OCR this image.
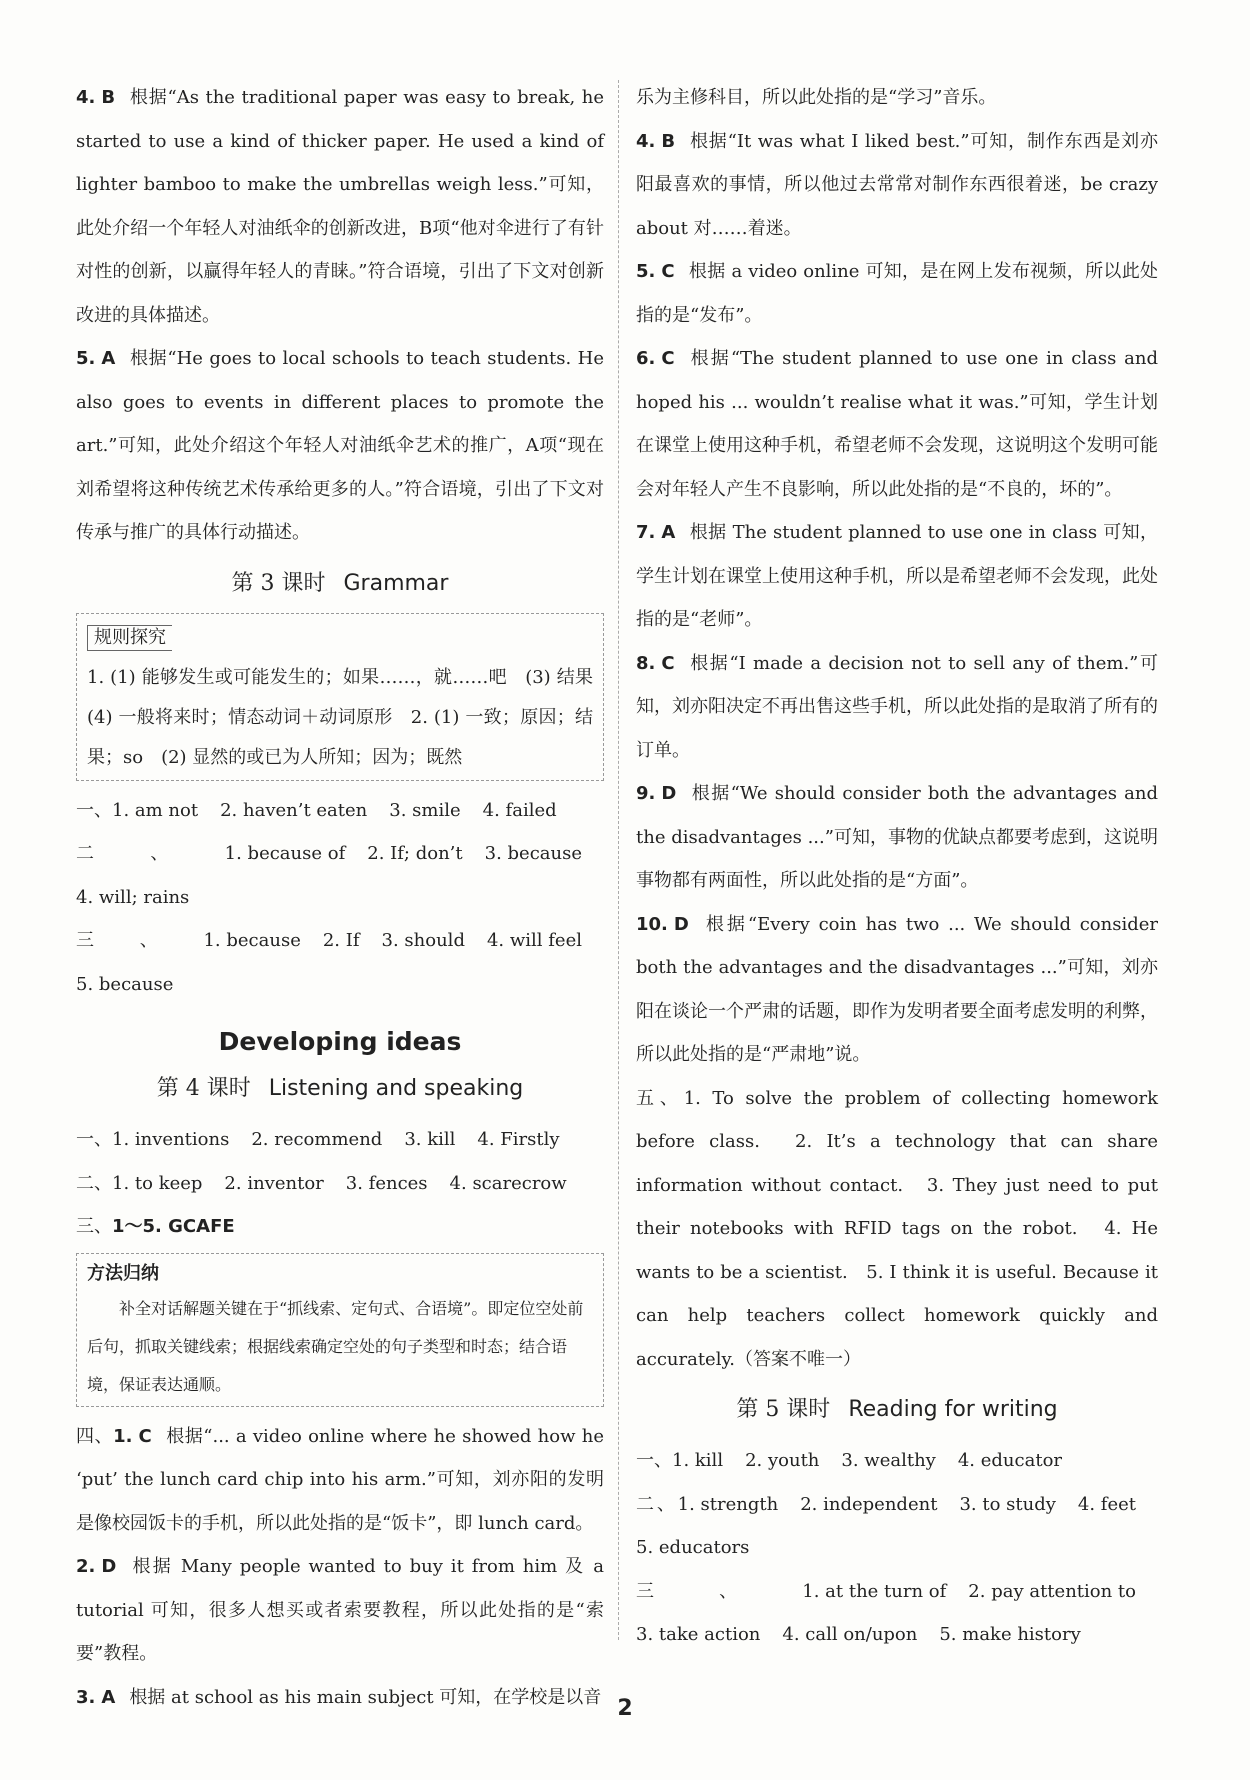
4. B 根据“As the traditional paper was easy to break, he started to use a kind of thicker paper. He used a kind of lighter bamboo to make the umbrellas weigh less.”可知，此处介绍一个年轻人对油纸伞的创新改进，B项“他对伞进行了有针对性的创新，以赢得年轻人的青睐。”符合语境，引出了下文对创新改进的具体描述。

5. A 根据“He goes to local schools to teach students. He also goes to events in different places to promote the art.”可知，此处介绍这个年轻人对油纸伞艺术的推广，A项“现在刘希望将这种传统艺术传承给更多的人。”符合语境，引出了下文对传承与推广的具体行动描述。

第 3 课时 Grammar
规则探究

1. (1) 能够发生或可能发生的；如果……，就……吧　(3) 结果　(4) 一般将来时；情态动词＋动词原形　2. (1) 一致；原因；结果；so　(2) 显然的或已为人所知；因为；既然

一、1. am not 2. haven’t eaten 3. smile 4. failed

二、1. because of 2. If; don’t 3. because4. will; rains

三、1. because 2. If 3. should 4. will feel5. because

Developing ideas
第 4 课时 Listening and speaking

一、1. inventions 2. recommend 3. kill 4. Firstly

二、1. to keep 2. inventor 3. fences 4. scarecrow

三、1～5. GCAFE

方法归纳

补全对话解题关键在于“抓线索、定句式、合语境”。即定位空处前后句，抓取关键线索；根据线索确定空处的句子类型和时态；结合语境，保证表达通顺。

四、1. C 根据“... a video online where he showed how he ‘put’ the lunch card chip into his arm.”可知，刘亦阳的发明是像校园饭卡的手机，所以此处指的是“饭卡”，即 lunch card。

2. D 根据 Many people wanted to buy it from him 及 a tutorial 可知，很多人想买或者索要教程，所以此处指的是“索要”教程。

3. A 根据 at school as his main subject 可知，在学校是以音

乐为主修科目，所以此处指的是“学习”音乐。

4. B 根据“It was what I liked best.”可知，制作东西是刘亦阳最喜欢的事情，所以他过去常常对制作东西很着迷，be crazy about 对……着迷。

5. C 根据 a video online 可知，是在网上发布视频，所以此处指的是“发布”。

6. C 根据“The student planned to use one in class and hoped his ... wouldn’t realise what it was.”可知，学生计划在课堂上使用这种手机，希望老师不会发现，这说明这个发明可能会对年轻人产生不良影响，所以此处指的是“不良的，坏的”。

7. A 根据 The student planned to use one in class 可知，学生计划在课堂上使用这种手机，所以是希望老师不会发现，此处指的是“老师”。

8. C 根据“I made a decision not to sell any of them.”可知，刘亦阳决定不再出售这些手机，所以此处指的是取消了所有的订单。

9. D 根据“We should consider both the advantages and the disadvantages ...”可知，事物的优缺点都要考虑到，这说明事物都有两面性，所以此处指的是“方面”。

10. D 根据“Every coin has two ... We should consider both the advantages and the disadvantages ...”可知，刘亦阳在谈论一个严肃的话题，即作为发明者要全面考虑发明的利弊，所以此处指的是“严肃地”说。

五、1. To solve the problem of collecting homework before class.　 2. It’s a technology that can share information without contact.　 3. They just need to put their notebooks with RFID tags on the robot.　 4. He wants to be a scientist.　 5. I think it is useful. Because it can help teachers collect homework quickly and accurately.（答案不唯一）

第 5 课时 Reading for writing

一、1. kill 2. youth 3. wealthy 4. educator

二、1. strength 2. independent 3. to study 4. feet5. educators

三、1. at the turn of 2. pay attention to3. take action 4. call on/upon 5. make history

2
